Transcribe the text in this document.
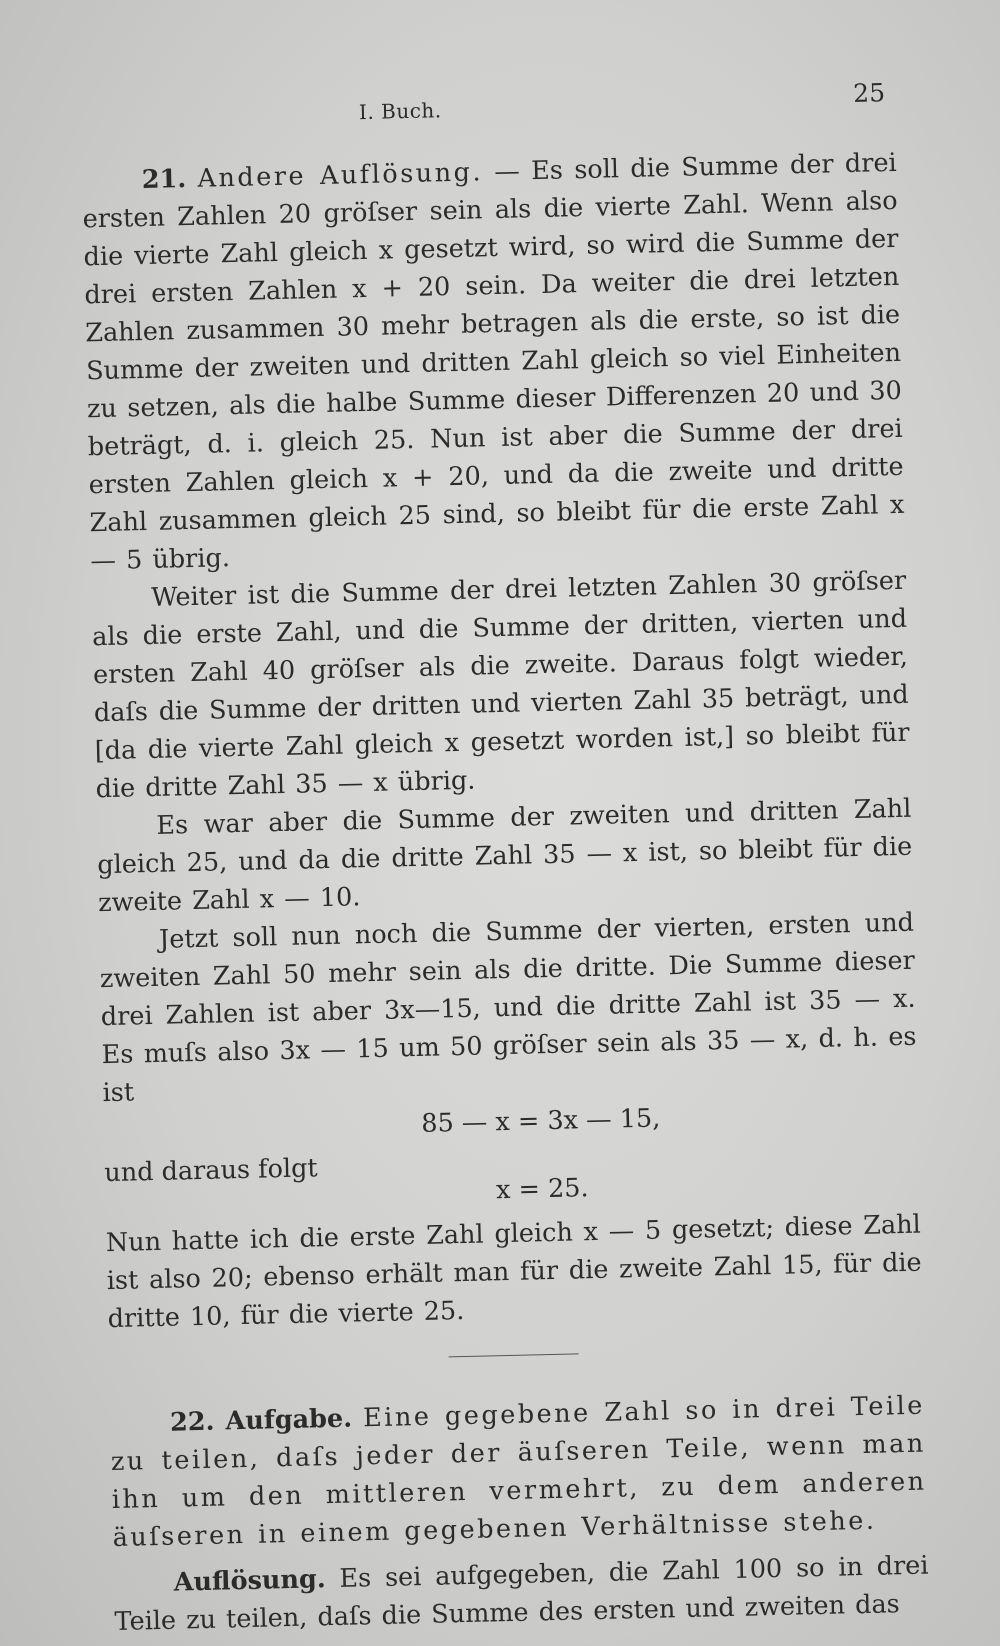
I. Buch.
25

21. Andere Auflösung. — Es soll die Summe der drei ersten Zahlen 20 gröſser sein als die vierte Zahl. Wenn also die vierte Zahl gleich x gesetzt wird, so wird die Summe der drei ersten Zahlen x + 20 sein. Da weiter die drei letzten Zahlen zusammen 30 mehr betragen als die erste, so ist die Summe der zweiten und dritten Zahl gleich so viel Einheiten zu setzen, als die halbe Summe dieser Differenzen 20 und 30 beträgt, d. i. gleich 25. Nun ist aber die Summe der drei ersten Zahlen gleich x + 20, und da die zweite und dritte Zahl zusammen gleich 25 sind, so bleibt für die erste Zahl x — 5 übrig.

Weiter ist die Summe der drei letzten Zahlen 30 gröſser als die erste Zahl, und die Summe der dritten, vierten und ersten Zahl 40 gröſser als die zweite. Daraus folgt wieder, daſs die Summe der dritten und vierten Zahl 35 beträgt, und [da die vierte Zahl gleich x gesetzt worden ist,] so bleibt für die dritte Zahl 35 — x übrig.

Es war aber die Summe der zweiten und dritten Zahl gleich 25, und da die dritte Zahl 35 — x ist, so bleibt für die zweite Zahl x — 10.

Jetzt soll nun noch die Summe der vierten, ersten und zweiten Zahl 50 mehr sein als die dritte. Die Summe dieser drei Zahlen ist aber 3x—15, und die dritte Zahl ist 35 — x. Es muſs also 3x — 15 um 50 gröſser sein als 35 — x, d. h. es ist

85 — x = 3x — 15,
und daraus folgt
x = 25.

Nun hatte ich die erste Zahl gleich x — 5 gesetzt; diese Zahl ist also 20; ebenso erhält man für die zweite Zahl 15, für die dritte 10, für die vierte 25.

22. Aufgabe. Eine gegebene Zahl so in drei Teile zu teilen, daſs jeder der äuſseren Teile, wenn man ihn um den mittleren vermehrt, zu dem anderen äuſseren in einem gegebenen Verhältnisse stehe.

Auflösung. Es sei aufgegeben, die Zahl 100 so in drei Teile zu teilen, daſs die Summe des ersten und zweiten das
